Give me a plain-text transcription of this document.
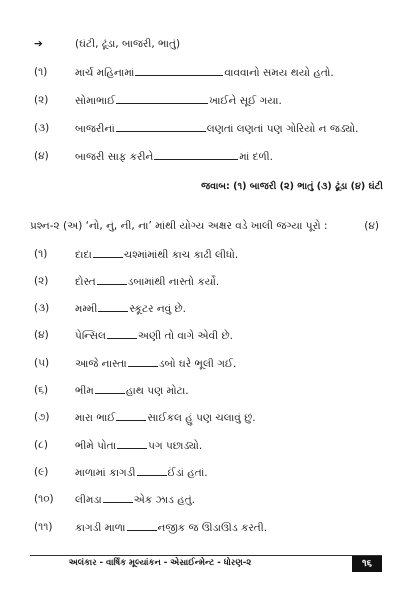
➔	(ઘંટી, ઢૂંડા, બાજરી, ભાતું)
(૧)	માર્ચ મહિનામાં	વાવવાનો સમય થયો હતો.
(૨)	સોમાભાઈ	ખાઈને સૂઈ ગયા.
(૩) બાજરીનાં	લણતાં લણતાં પણ ગોરિયો ન જડ્યો.
(૪)	બાજરી સાફ કરીને	માં દળી.
જવાબ: (૧) બાજરી (૨) ભાતું (૩) ઢૂંડા (૪) ઘંટી
પ્રશ્ન-૨ (અ) ‘નો, નું, ની, ના’ માંથી યોગ્ય અક્ષર વડે ખાલી જગ્યા પૂરો :	(૪)
(૧)	દાદા	ચશ્માંમાંથી કાચ કાઢી લીધો.
(૨)	દોસ્ત	ડબામાંથી નાસ્તો કર્યો.
(૩) મમ્મી	સ્કૂટર નવું છે.
(૪)	પેન્સિલ	અણી તો વાગે એવી છે.
(૫) આજે નાસ્તા	ડબો ઘરે ભૂલી ગઈ.
(૬)	ભીમ	હાથ પણ મોટા.
(૭) મારા ભાઈ	સાઈકલ હું પણ ચલાવું છું.
(૮)	ભીમે પોતા	પગ પછાડ્યો.
(૯)	માળામાં કાગડી	ઈંડાં હતાં.
(૧૦) લીમડા	એક ઝાડ હતું.
(૧૧) કાગડી માળા	નજીક જ ઊડાઊડ કરતી.
અલંકાર - વાર્ષિક મૂલ્યાંકન - એસાઈન્મેન્ટ - ધોરણ-૨	૧૬
